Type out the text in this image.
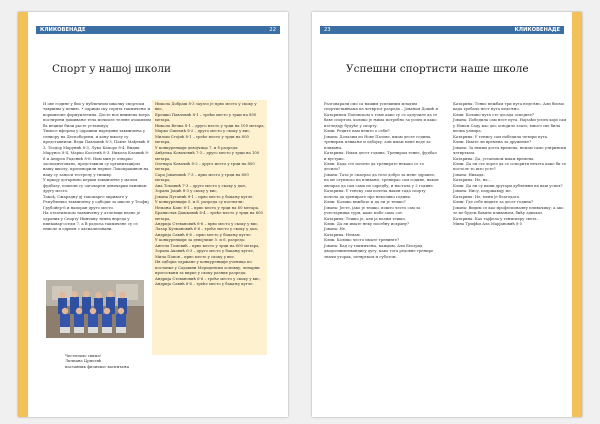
КЛИКОВЕНАДЕ	22
Спорт у нашој школи

И ове године у био у публичном школку спортски тавршны у пению. • одрицы ску серпта такмичење и коршилоне формуилетина. Досте ное внимена вотра постирени дошивање тела мочиоле телене ачоцилим ба иецице били расте установуд

Тимосе иферещ у одражни наредини такмичења у сениору на Деспоборени, и кону школу су представнили: Веди Павловић 8-3, Павле Мађевић 8-3, Теодор Марунић 8-3, Лука Капоре 8-4, Видик Марунос 8-4, Марко Колотић 8-3, Никола Клашић 8-6 и Андреа Раденић 8-6. Ним мин је отварко засподичтовано, представили су организацијом нашу школу, проповорили первое Локопрацинон на нацу су заноси тестрелу у типику.

У кркоју дотарново керши такмичење у малом фудбалу, пошели су одговарем девичарки екипнам другу место.

Такођ, Сжарадну дј такомарго окривате у Републичко такмичењу у одбојци за школе у Теофиј Грубойер-6 и напоран друго место.

На отлатинском такмичењу у атлетици ведно је одраних у Спорту Нинчану типна впреда у пипкавар-оседм 7, а В радоља такмичене су се ениоле и одриен с аксиализовани.

Никола Добраш 8-3 заузео је прво место у скоку у вис,

Ерешко Павловић 8-1 – трећи место у трци на 800 метара,

Никола Вечка 8-1 – друго место у трци на 100 метара,

Марко Смиљић 8-2 – друго место у скоку у вис,

Милош Стојић 8-1 – треће место у трци на 600 метара,

У конкуренцији девојчица 7. и 8 разреда:

Анђелка Ковачевић 7-3 – друго место у трци на 100 метара,

Олгнара Ковачић 8-2 – друго место у трци на 800 метара,

Сара Јовановић 7-3 – прво место у трци на 600 метара,

Ана Томовић 7-3 – друго место у скоку у даљ,

Зорана Јоцић 8-3 у скоку у вис,

Јована Путанић 8-1 – прво место у бацању кугле.

У конкуренцији 5. и 6. разреда су постигли:

Немања Капс 6-1 – прво место у трци на 60 метара,

Бранислав Дашковић 6-4 – треће место у трци на 600 метара,

Андрија Стевановић 6-6 – прво место у скоку у вис,

Лазар Кузмановић 6-6 – треће место у скоку у даљ,

Андрија Савић 6-6 – прво место у бацању кугле.

У конкуренцији за девојчице 5. и 6. разреда:

Ангела Томовић – прво место у трци на 600 метара,

Зорана Аковић 6-3 – друго место у бацању кугле,

Мила Попов – прво место у скоку у вис.

Ив одбојка одржане у конкуренцији ученица по постанке у Садашни Мериденски основну, ченарни прогосвани за вирке у скоку разних разреда:

Андрија Стевановић 6-6 – треће место у скоку у вис,

Андрија Савић 6-6 – треће место у бацању кугле.

Честитамо свима!

Лилиана Црногић

наставник физичког васпитања

23	КЛИКОВЕНАДЕ
Успешни спортисти наше школе

Разговарали смо са нашим успешним младим спортисткињама из четвртог разреда – Јованом Доцић и Катарином Поповском о томе како су се одлучиле да се баве спортом, колико је њима потребно за успех и како изгледају будуће у спорту.

Клик: Реците нам нешто о себи?

Јована: Долазим из Нове Пазове, имам десет година, тренирам пливање и одбојку, али имам мене воде за пливања.

Катарина: Имам десет година. Тренирам тенис, фудбал и вустрио.

Клик: Када сте почеле да тренирате некако се то десило?

Јована: Тата је сматрао да тело добро за мене здравље, па ме отуписао на пливање, тренирао сам године, након авгирао да сам сама по одредбу, и настала у 2 године.

Катарина: У тенску сам почела након тада спорту почела да тренирате пре неколико година.

Клик: Колико вежбате и да ли је тешко?

Јована: Јесте, јако је тешко, пошто често сам за учестарница тури, камо мобе само сат.

Катарина: Тешко је, али ја волим тешко.

Клик: Да ли имате неку посебну исхрану?

Јована: Не.

Катарина: Немам.

Клик: Колико често имате тренинге?

Јована: Кад су такмичења, каждим. Али Београд двадогништевиндигу дугу, како тога редовне тренире значи уторак, четвртком и суботом.

Катарина: Тенис вежбам три пута недељно. Али бисмо када требало нест пута недељно.

Клик: Колико пута сте досада освојиле?

Јована: Победила сам нест пута. Најзаћи успех који сам у Новом Саду као део освојило злато, много све била веома узмира.

Катарина: У тенису сам победила четири пута.

Клик: Имате ли времена за друженье?

Јована: За неким доста времена, немам само утирински четвртком.

Катарина: Да, установом имам времена.

Клик: Да ли сте хорел да се оспорити нечега како би се постоле то што усте?

Јована: Никада.

Катарина: Не, на...

Клик: Да ли су ваши другари дублювни на ваш успех?

Јована: Нису, подржавају ме.

Катарина: Не, мени је благодато.

Клик: Где себе видите за десет година?

Јована: Видим се као професионалну пливачицу, а ако те не будем бавити пливањем, бићу адвокат.

Катарина: Као тајфела у тенискеру света..

Мина Трифћи Ала Марјановић 8-5
